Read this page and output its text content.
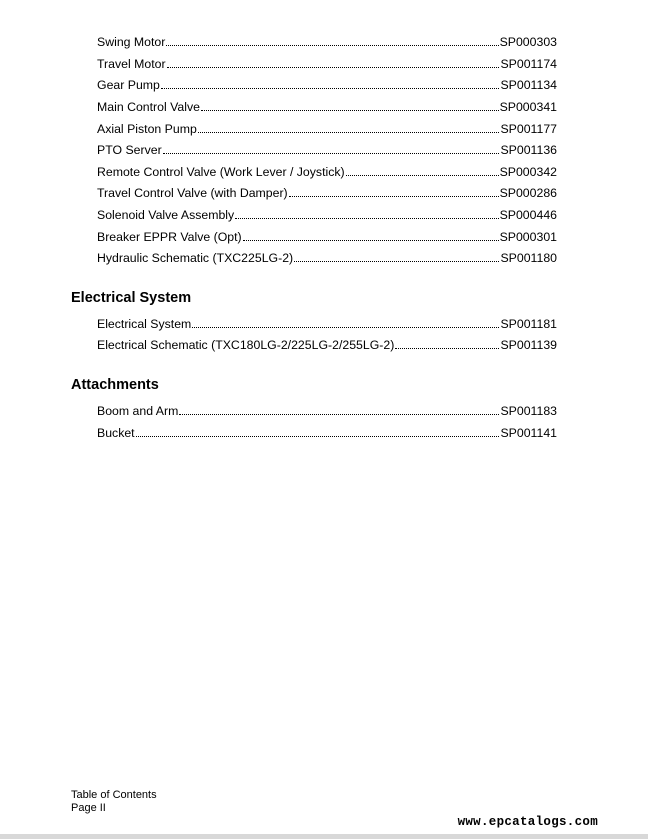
Swing Motor	SP000303
Travel Motor	SP001174
Gear Pump	SP001134
Main Control Valve	SP000341
Axial Piston Pump	SP001177
PTO Server	SP001136
Remote Control Valve (Work Lever / Joystick)	SP000342
Travel Control Valve (with Damper)	SP000286
Solenoid Valve Assembly	SP000446
Breaker EPPR Valve (Opt)	SP000301
Hydraulic Schematic (TXC225LG-2)	SP001180
Electrical System
Electrical System	SP001181
Electrical Schematic (TXC180LG-2/225LG-2/255LG-2)	SP001139
Attachments
Boom and Arm	SP001183
Bucket	SP001141
Table of Contents
Page II
www.epcatalogs.com
